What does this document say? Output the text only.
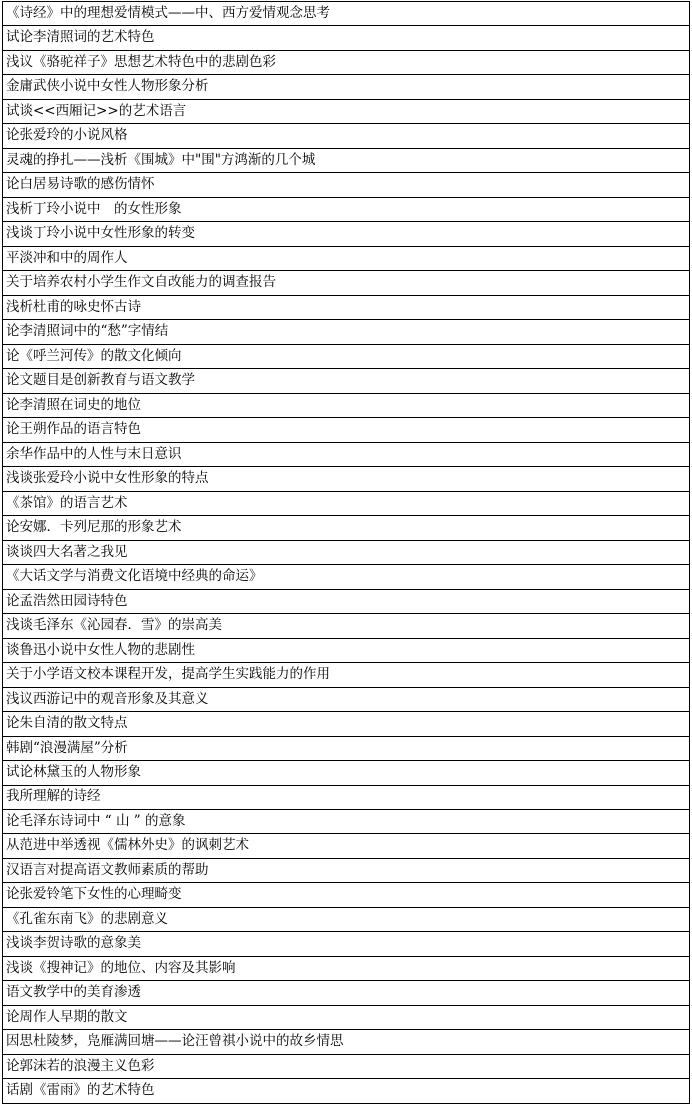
《诗经》中的理想爱情模式——中、西方爱情观念思考
试论李清照词的艺术特色
浅议《骆驼祥子》思想艺术特色中的悲剧色彩
金庸武侠小说中女性人物形象分析
试谈<<西厢记>>的艺术语言
论张爱玲的小说风格
灵魂的挣扎——浅析《围城》中"围"方鸿渐的几个城
论白居易诗歌的感伤情怀
浅析丁玲小说中　的女性形象
浅谈丁玲小说中女性形象的转变
平淡冲和中的周作人
关于培养农村小学生作文自改能力的调查报告
浅析杜甫的咏史怀古诗
论李清照词中的“愁”字情结
论《呼兰河传》的散文化倾向
论文题目是创新教育与语文教学
论李清照在词史的地位
论王朔作品的语言特色
余华作品中的人性与末日意识
浅谈张爱玲小说中女性形象的特点
《茶馆》的语言艺术
论安娜．卡列尼那的形象艺术
谈谈四大名著之我见
《大话文学与消费文化语境中经典的命运》
论孟浩然田园诗特色
浅谈毛泽东《沁园春．雪》的崇高美
谈鲁迅小说中女性人物的悲剧性
关于小学语文校本课程开发，提高学生实践能力的作用
浅议西游记中的观音形象及其意义
论朱自清的散文特点
韩剧“浪漫满屋”分析
试论林黛玉的人物形象
我所理解的诗经
论毛泽东诗词中 “ 山 ” 的意象
从范进中举透视《儒林外史》的讽刺艺术
汉语言对提高语文教师素质的帮助
论张爱铃笔下女性的心理畸变
《孔雀东南飞》的悲剧意义
浅谈李贺诗歌的意象美
浅谈《搜神记》的地位、内容及其影响
语文教学中的美育渗透
论周作人早期的散文
因思杜陵梦，凫雁满回塘——论汪曾祺小说中的故乡情思
论郭沫若的浪漫主义色彩
话剧《雷雨》的艺术特色
